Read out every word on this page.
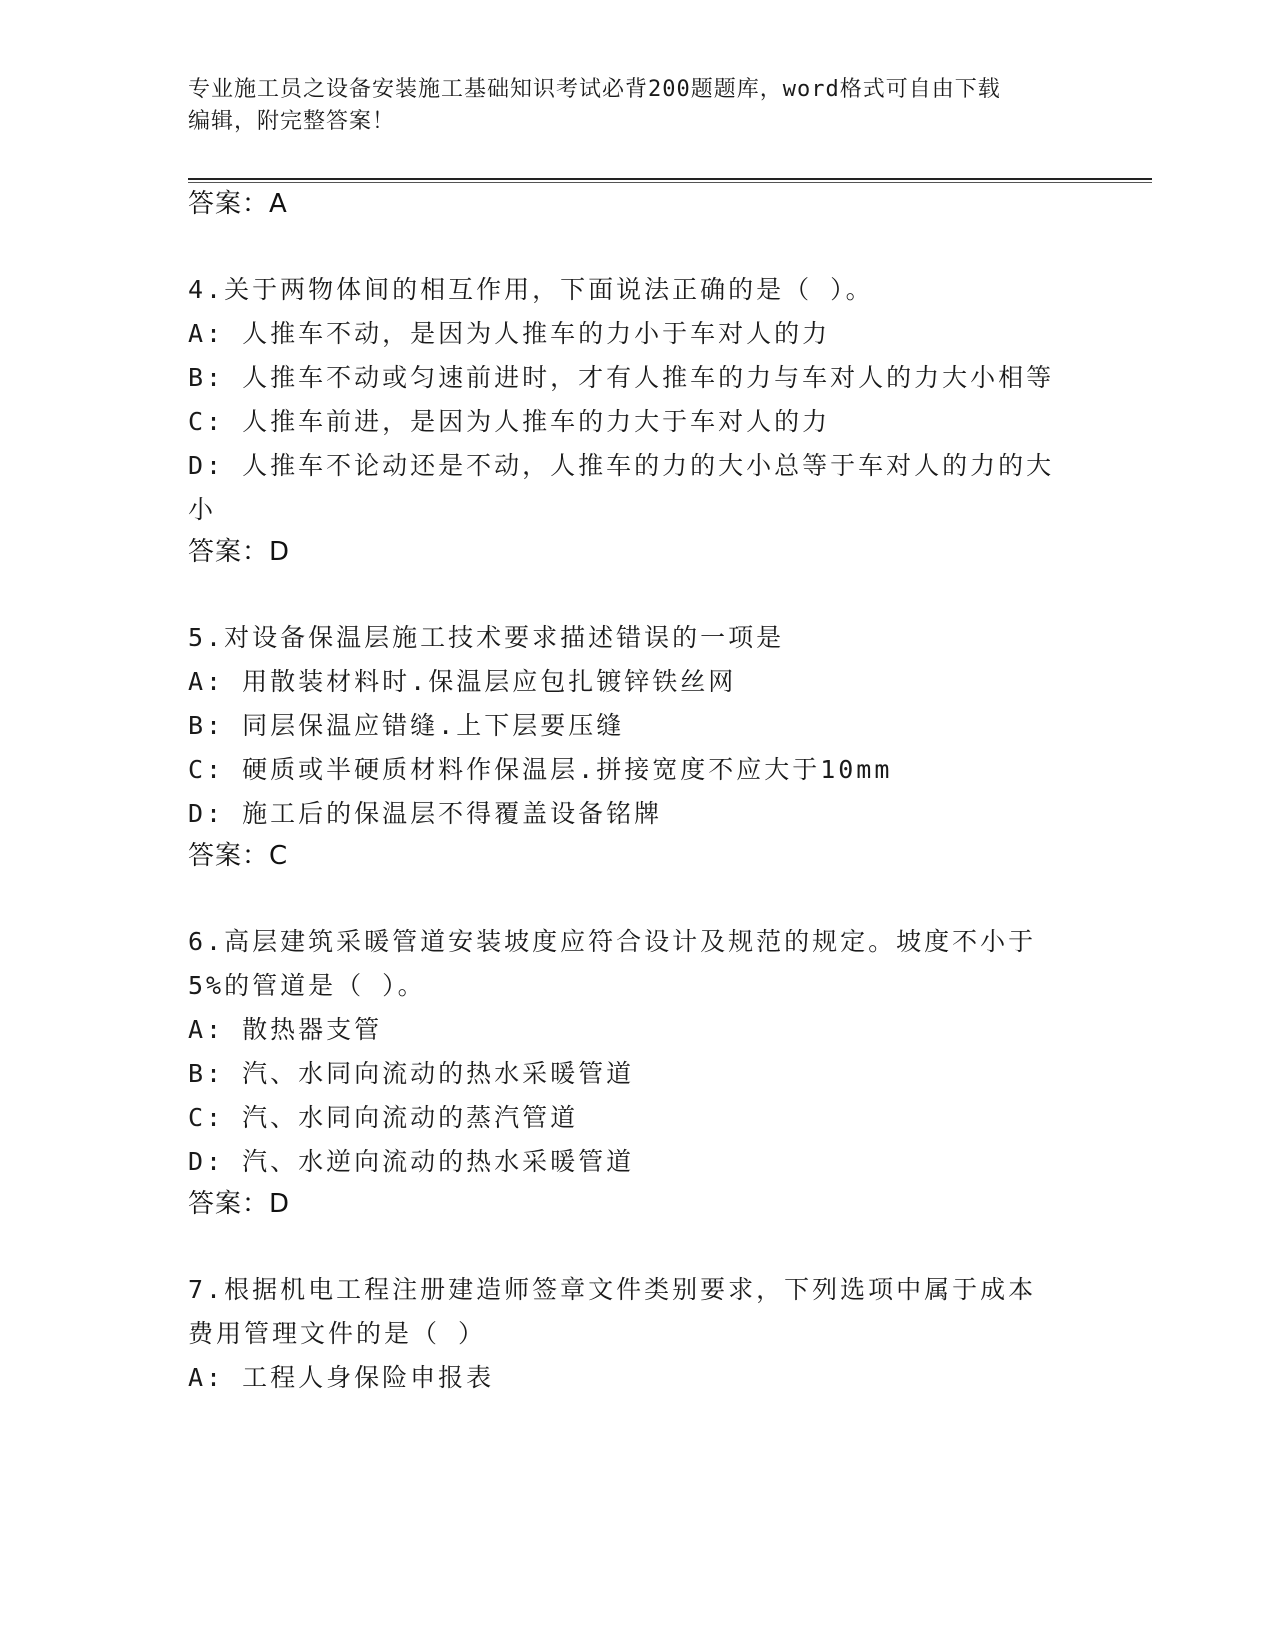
专业施工员之设备安装施工基础知识考试必背200题题库，word格式可自由下载
编辑，附完整答案！
答案：A
4.关于两物体间的相互作用，下面说法正确的是（ ）。
A: 人推车不动，是因为人推车的力小于车对人的力
B: 人推车不动或匀速前进时，才有人推车的力与车对人的力大小相等
C: 人推车前进，是因为人推车的力大于车对人的力
D: 人推车不论动还是不动，人推车的力的大小总等于车对人的力的大
小
答案：D
5.对设备保温层施工技术要求描述错误的一项是
A: 用散装材料时.保温层应包扎镀锌铁丝网
B: 同层保温应错缝.上下层要压缝
C: 硬质或半硬质材料作保温层.拼接宽度不应大于10mm
D: 施工后的保温层不得覆盖设备铭牌
答案：C
6.高层建筑采暖管道安装坡度应符合设计及规范的规定。坡度不小于
5%的管道是（ ）。
A: 散热器支管
B: 汽、水同向流动的热水采暖管道
C: 汽、水同向流动的蒸汽管道
D: 汽、水逆向流动的热水采暖管道
答案：D
7.根据机电工程注册建造师签章文件类别要求，下列选项中属于成本
费用管理文件的是（ ）
A: 工程人身保险申报表
